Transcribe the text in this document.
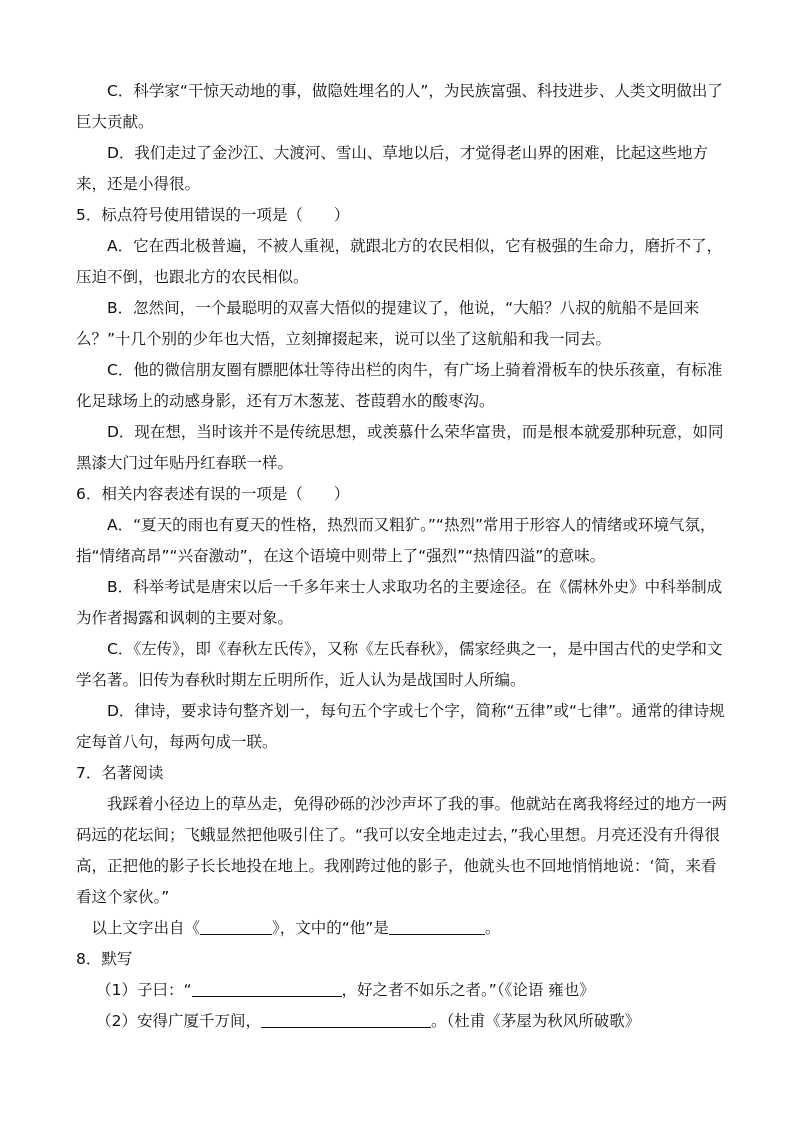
C．科学家“干惊天动地的事，做隐姓埋名的人”，为民族富强、科技进步、人类文明做出了巨大贡献。

D．我们走过了金沙江、大渡河、雪山、草地以后，才觉得老山界的困难，比起这些地方来，还是小得很。

5．标点符号使用错误的一项是（　　）

A．它在西北极普遍，不被人重视，就跟北方的农民相似，它有极强的生命力，磨折不了，压迫不倒，也跟北方的农民相似。

B．忽然间，一个最聪明的双喜大悟似的提建议了，他说，“大船？八叔的航船不是回来么？”十几个别的少年也大悟，立刻撺掇起来，说可以坐了这航船和我一同去。

C．他的微信朋友圈有膘肥体壮等待出栏的肉牛，有广场上骑着滑板车的快乐孩童，有标准化足球场上的动感身影，还有万木葱茏、苍葭碧水的酸枣沟。

D．现在想，当时该并不是传统思想，或羡慕什么荣华富贵，而是根本就爱那种玩意，如同黑漆大门过年贴丹红春联一样。

6．相关内容表述有误的一项是（　　）

A．“夏天的雨也有夏天的性格，热烈而又粗犷。”“热烈”常用于形容人的情绪或环境气氛，指“情绪高昂”“兴奋激动”，在这个语境中则带上了“强烈”“热情四溢”的意味。

B．科举考试是唐宋以后一千多年来士人求取功名的主要途径。在《儒林外史》中科举制成为作者揭露和讽刺的主要对象。

C．《左传》，即《春秋左氏传》，又称《左氏春秋》，儒家经典之一，是中国古代的史学和文学名著。旧传为春秋时期左丘明所作，近人认为是战国时人所编。

D．律诗，要求诗句整齐划一，每句五个字或七个字，简称“五律”或“七律”。通常的律诗规定每首八句，每两句成一联。

7．名著阅读

我踩着小径边上的草丛走，免得砂砾的沙沙声坏了我的事。他就站在离我将经过的地方一两码远的花坛间；飞蛾显然把他吸引住了。“我可以安全地走过去，”我心里想。月亮还没有升得很高，正把他的影子长长地投在地上。我刚跨过他的影子，他就头也不回地悄悄地说：‘简，来看看这个家伙。”

以上文字出自《	》，文中的“他”是	。

8．默写

（1）子曰：“	，好之者不如乐之者。”（《论语 雍也》

（2）安得广厦千万间，	。（杜甫《茅屋为秋风所破歌》
